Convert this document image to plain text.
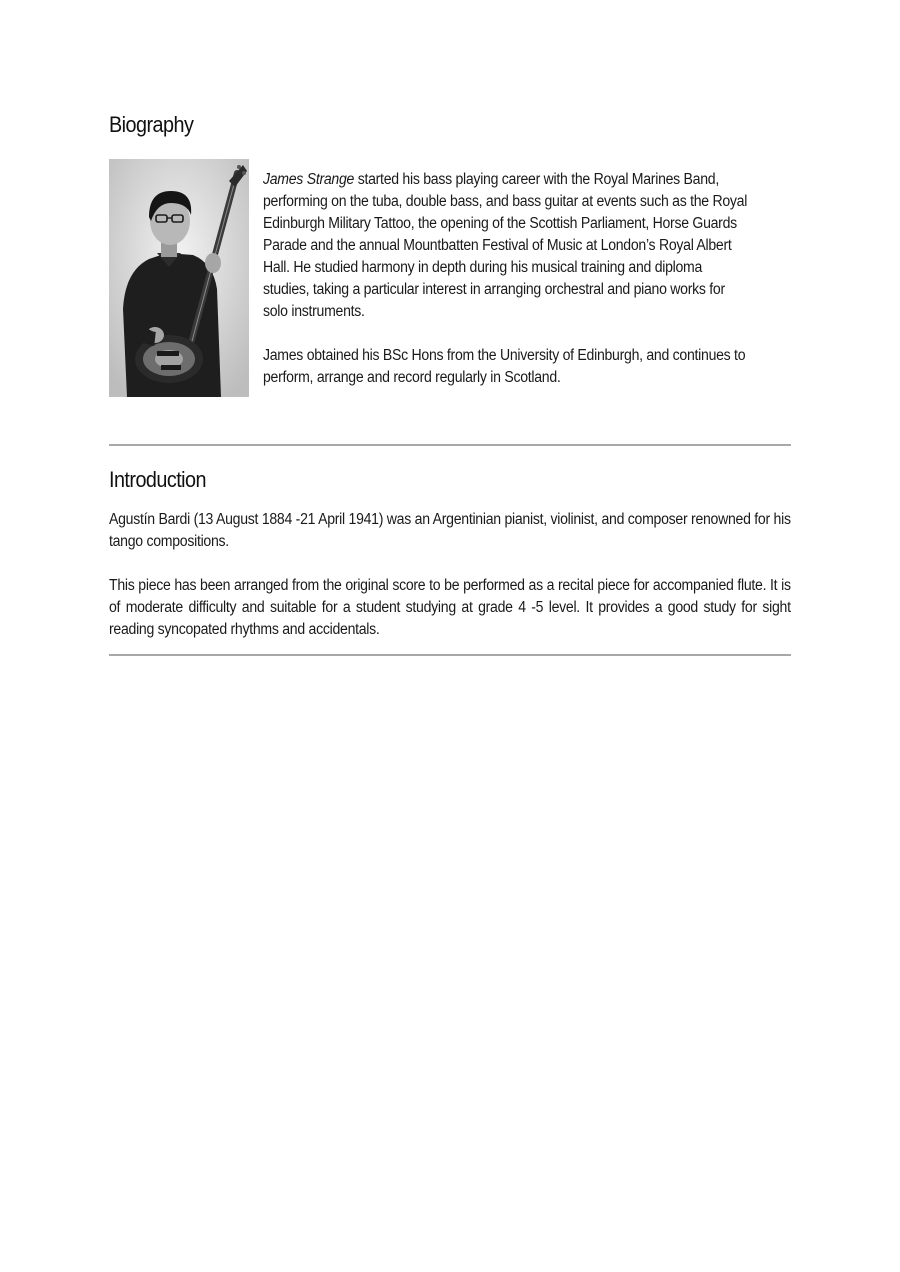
Biography

James Strange started his bass playing career with the Royal Marines Band, performing on the tuba, double bass, and bass guitar at events such as the Royal Edinburgh Military Tattoo, the opening of the Scottish Parliament, Horse Guards Parade and the annual Mountbatten Festival of Music at London’s Royal Albert Hall. He studied harmony in depth during his musical training and diploma studies, taking a particular interest in arranging orchestral and piano works for solo instruments.

James obtained his BSc Hons from the University of Edinburgh, and continues to perform, arrange and record regularly in Scotland.

Introduction

Agustín Bardi (13 August 1884 -21 April 1941) was an Argentinian pianist, violinist, and composer renowned for his tango compositions.

This piece has been arranged from the original score to be performed as a recital piece for accompanied flute. It is of moderate difficulty and suitable for a student studying at grade 4 -5 level. It provides a good study for sight reading syncopated rhythms and accidentals.
